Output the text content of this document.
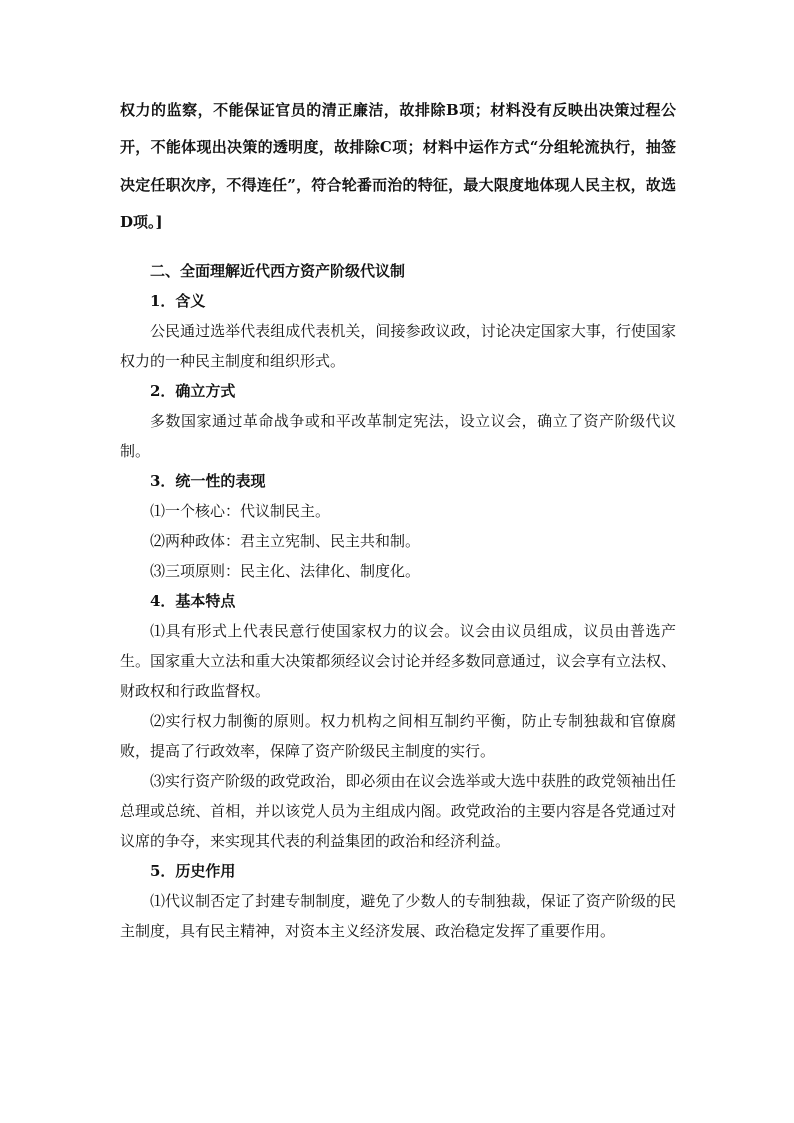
权力的监察，不能保证官员的清正廉洁，故排除B项；材料没有反映出决策过程公开，不能体现出决策的透明度，故排除C项；材料中运作方式“分组轮流执行，抽签决定任职次序，不得连任”，符合轮番而治的特征，最大限度地体现人民主权，故选D项。]

二、全面理解近代西方资产阶级代议制

1．含义

公民通过选举代表组成代表机关，间接参政议政，讨论决定国家大事，行使国家权力的一种民主制度和组织形式。

2．确立方式

多数国家通过革命战争或和平改革制定宪法，设立议会，确立了资产阶级代议制。

3．统一性的表现

⑴一个核心：代议制民主。

⑵两种政体：君主立宪制、民主共和制。

⑶三项原则：民主化、法律化、制度化。

4．基本特点

⑴具有形式上代表民意行使国家权力的议会。议会由议员组成，议员由普选产生。国家重大立法和重大决策都须经议会讨论并经多数同意通过，议会享有立法权、财政权和行政监督权。

⑵实行权力制衡的原则。权力机构之间相互制约平衡，防止专制独裁和官僚腐败，提高了行政效率，保障了资产阶级民主制度的实行。

⑶实行资产阶级的政党政治，即必须由在议会选举或大选中获胜的政党领袖出任总理或总统、首相，并以该党人员为主组成内阁。政党政治的主要内容是各党通过对议席的争夺，来实现其代表的利益集团的政治和经济利益。

5．历史作用

⑴代议制否定了封建专制制度，避免了少数人的专制独裁，保证了资产阶级的民主制度，具有民主精神，对资本主义经济发展、政治稳定发挥了重要作用。
